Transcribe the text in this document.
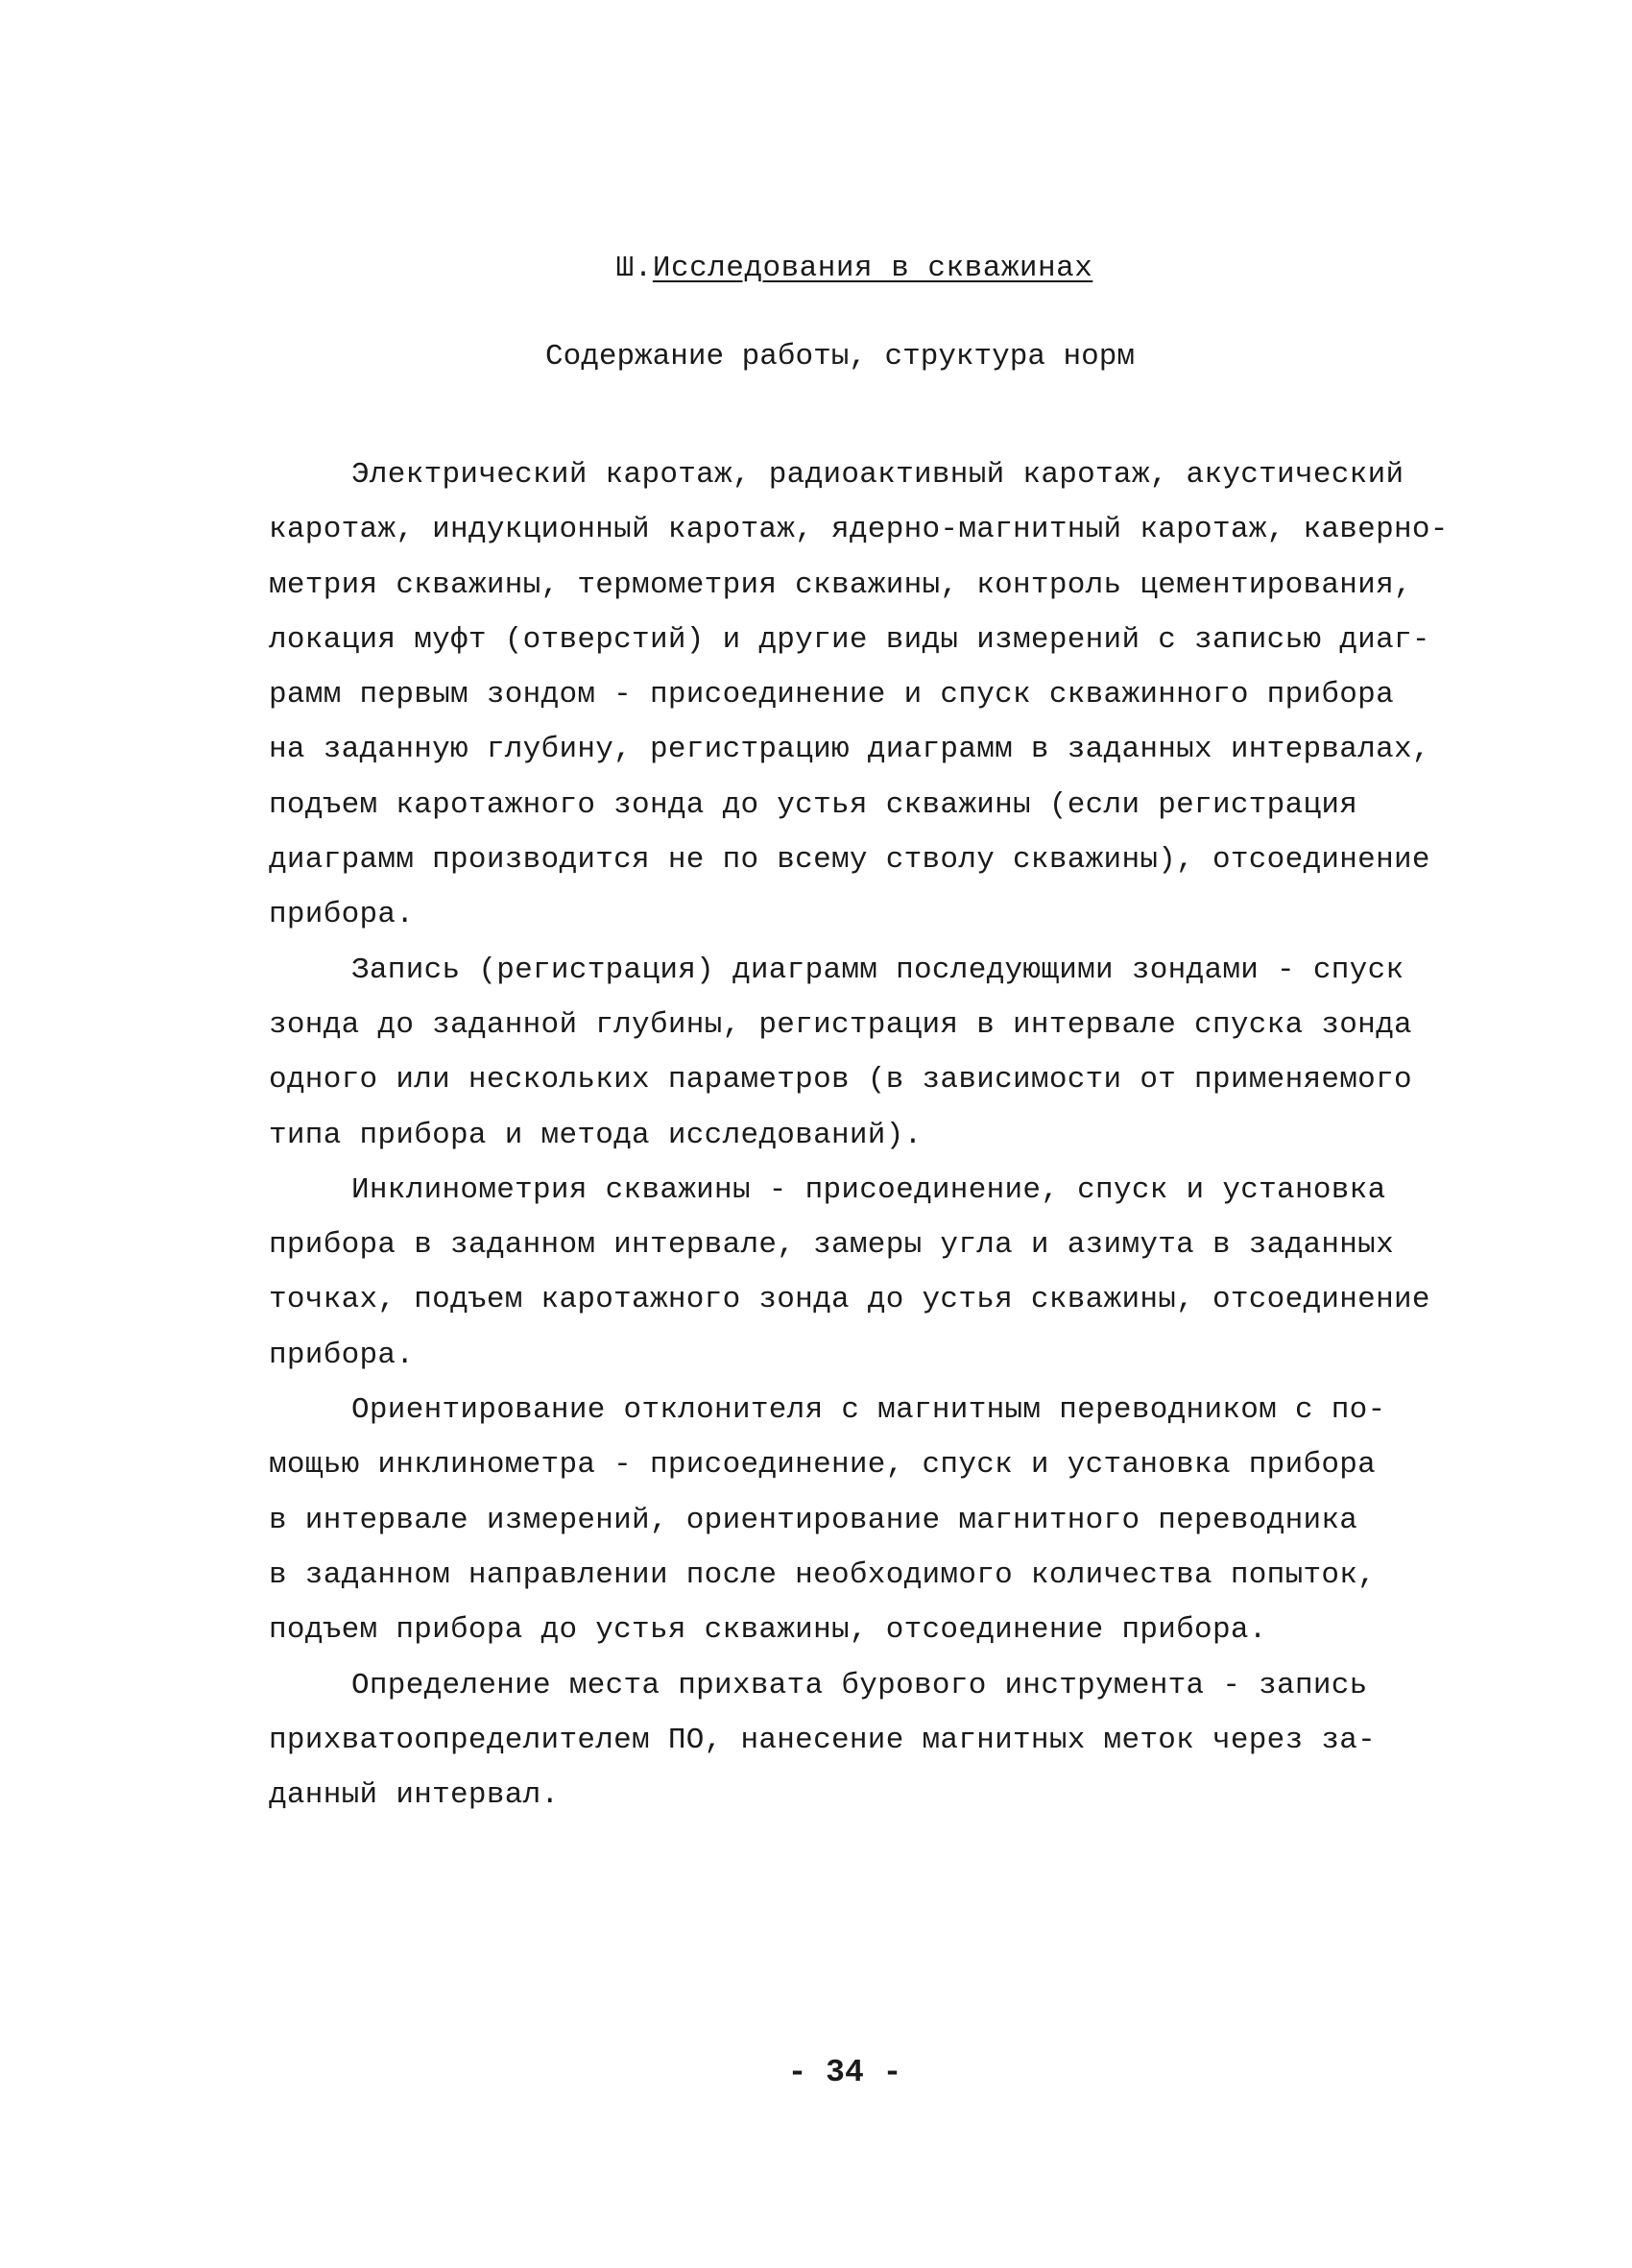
Ш.Исследования в скважинах
Содержание работы, структура норм

Электрический каротаж, радиоактивный каротаж, акустический
каротаж, индукционный каротаж, ядерно-магнитный каротаж, каверно-
метрия скважины, термометрия скважины, контроль цементирования,
локация муфт (отверстий) и другие виды измерений с записью диаг-
рамм первым зондом - присоединение и спуск скважинного прибора
на заданную глубину, регистрацию диаграмм в заданных интервалах,
подъем каротажного зонда до устья скважины (если регистрация
диаграмм производится не по всему стволу скважины), отсоединение
прибора.

Запись (регистрация) диаграмм последующими зондами - спуск
зонда до заданной глубины, регистрация в интервале спуска зонда
одного или нескольких параметров (в зависимости от применяемого
типа прибора и метода исследований).

Инклинометрия скважины - присоединение, спуск и установка
прибора в заданном интервале, замеры угла и азимута в заданных
точках, подъем каротажного зонда до устья скважины, отсоединение
прибора.

Ориентирование отклонителя с магнитным переводником с по-
мощью инклинометра - присоединение, спуск и установка прибора
в интервале измерений, ориентирование магнитного переводника
в заданном направлении после необходимого количества попыток,
подъем прибора до устья скважины, отсоединение прибора.

Определение места прихвата бурового инструмента - запись
прихватоопределителем ПО, нанесение магнитных меток через за-
данный интервал.

- 34 -
